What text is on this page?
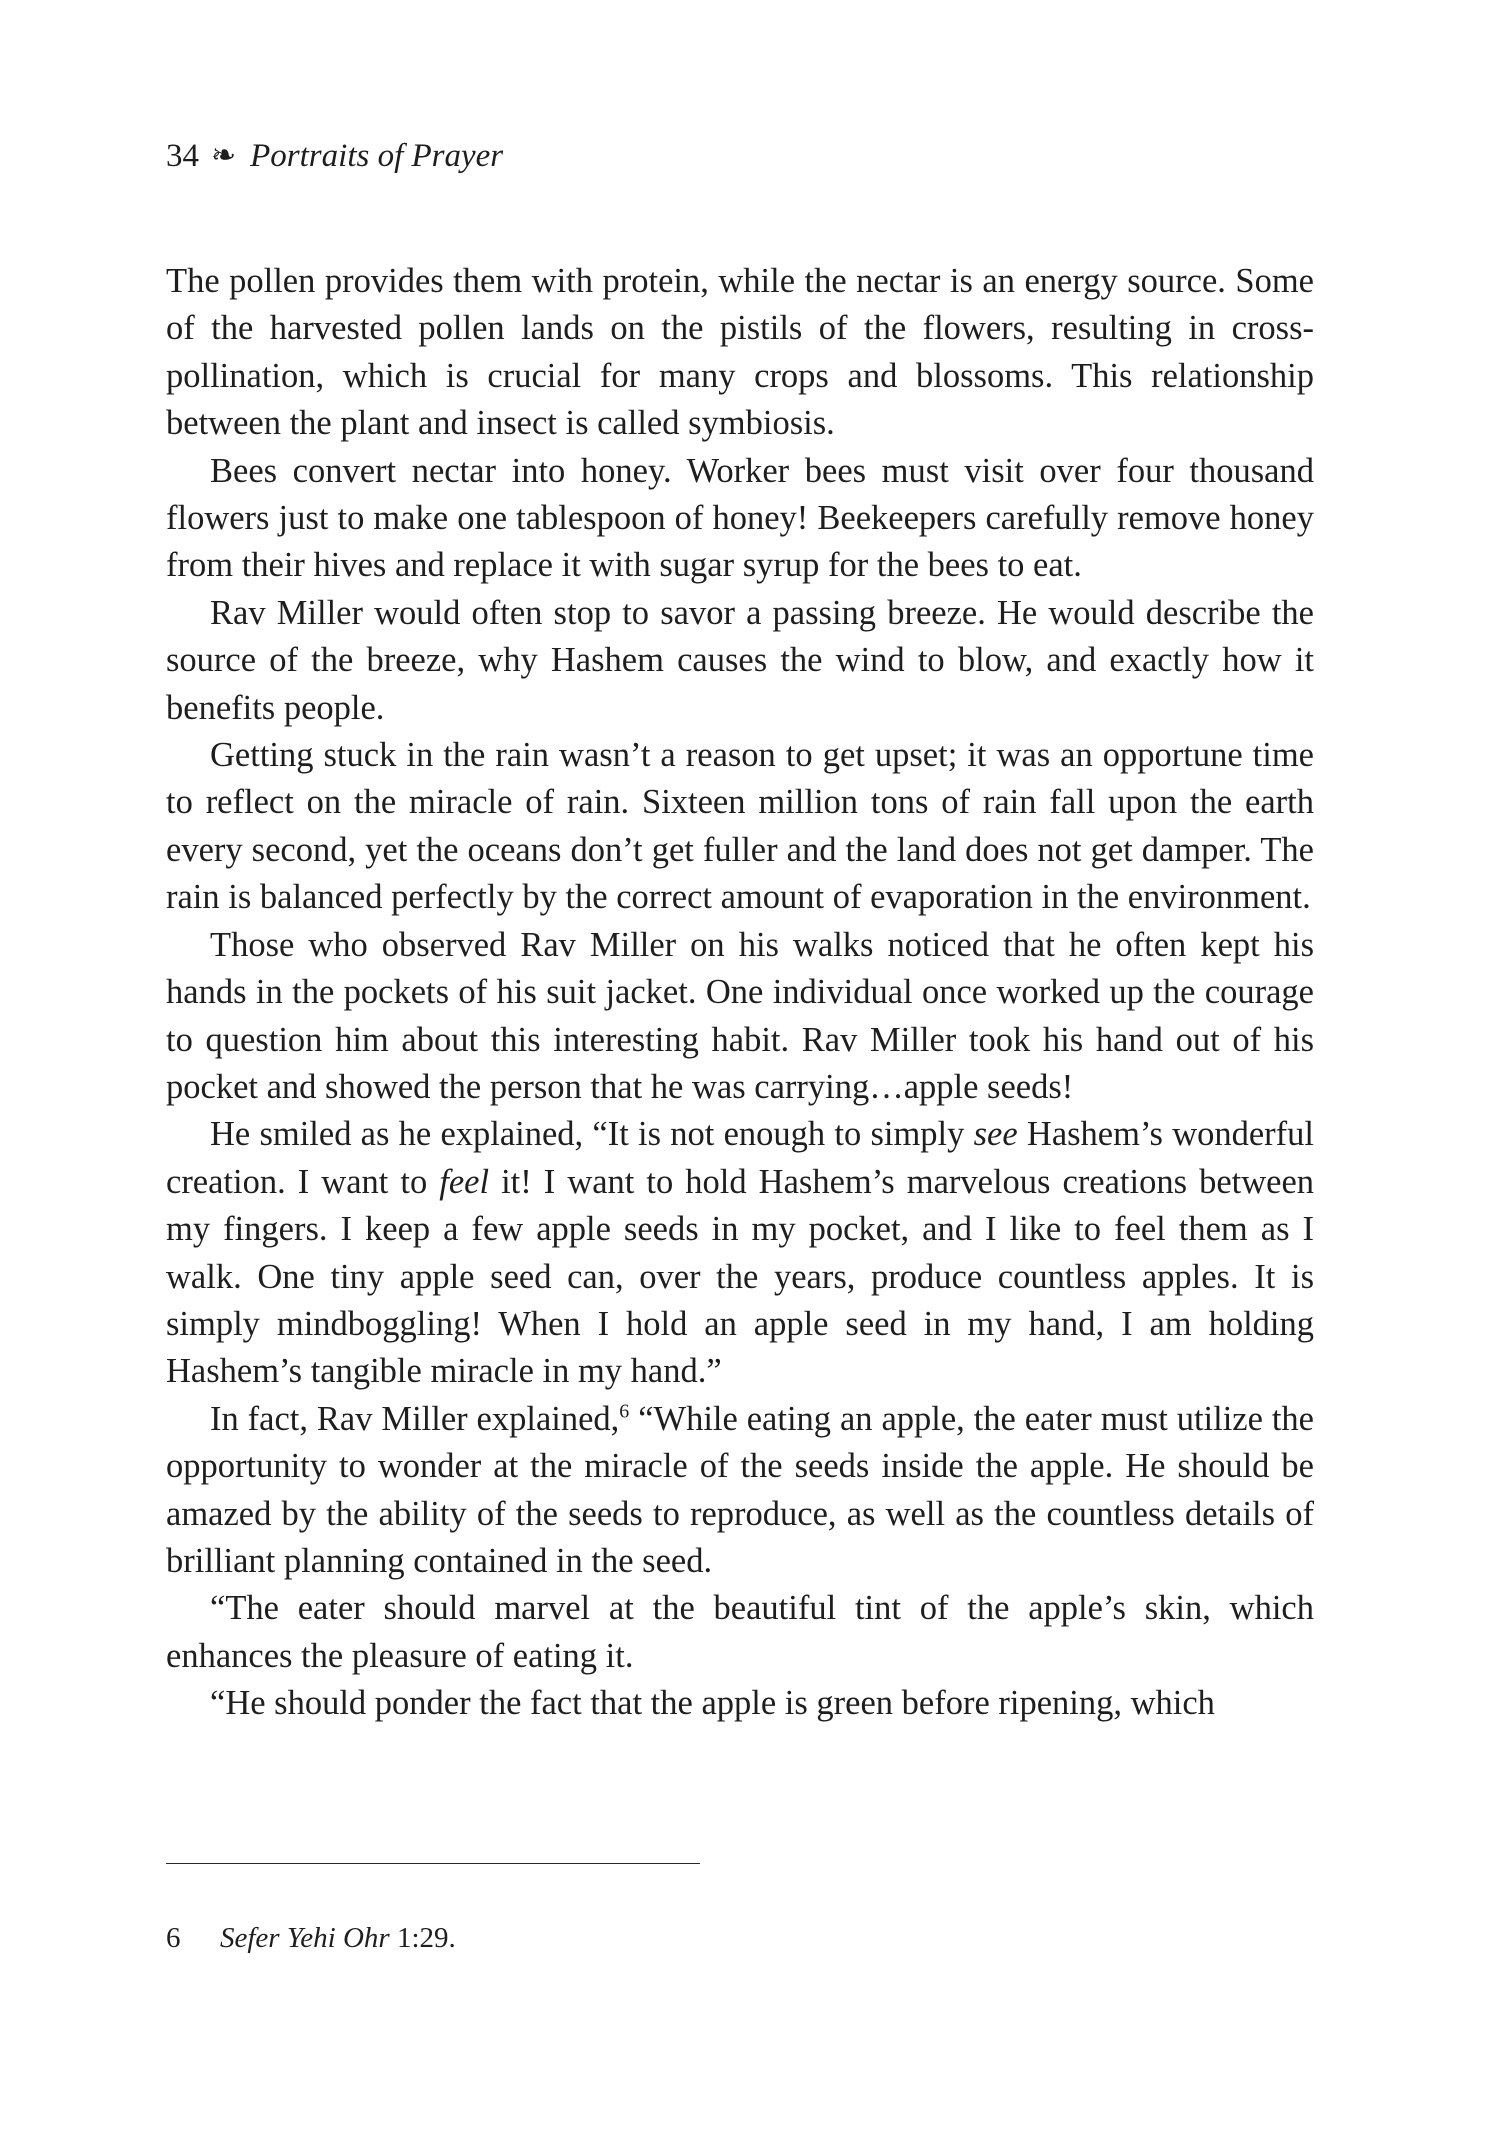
34 ❧ Portraits of Prayer

The pollen provides them with protein, while the nectar is an energy source. Some of the harvested pollen lands on the pistils of the flowers, resulting in cross-pollination, which is crucial for many crops and blossoms. This relationship between the plant and insect is called symbiosis.

Bees convert nectar into honey. Worker bees must visit over four thousand flowers just to make one tablespoon of honey! Beekeepers carefully remove honey from their hives and replace it with sugar syrup for the bees to eat.

Rav Miller would often stop to savor a passing breeze. He would describe the source of the breeze, why Hashem causes the wind to blow, and exactly how it benefits people.

Getting stuck in the rain wasn’t a reason to get upset; it was an opportune time to reflect on the miracle of rain. Sixteen million tons of rain fall upon the earth every second, yet the oceans don’t get fuller and the land does not get damper. The rain is balanced perfectly by the correct amount of evaporation in the environment.

Those who observed Rav Miller on his walks noticed that he often kept his hands in the pockets of his suit jacket. One individual once worked up the courage to question him about this interesting habit. Rav Miller took his hand out of his pocket and showed the person that he was carrying…apple seeds!

He smiled as he explained, “It is not enough to simply see Hashem’s wonderful creation. I want to feel it! I want to hold Hashem’s marvelous creations between my fingers. I keep a few apple seeds in my pocket, and I like to feel them as I walk. One tiny apple seed can, over the years, produce countless apples. It is simply mindboggling! When I hold an apple seed in my hand, I am holding Hashem’s tangible miracle in my hand.”

In fact, Rav Miller explained,$^6$ “While eating an apple, the eater must utilize the opportunity to wonder at the miracle of the seeds inside the apple. He should be amazed by the ability of the seeds to reproduce, as well as the countless details of brilliant planning contained in the seed.

“The eater should marvel at the beautiful tint of the apple’s skin, which enhances the pleasure of eating it.

“He should ponder the fact that the apple is green before ripening, which

6 Sefer Yehi Ohr 1:29.
